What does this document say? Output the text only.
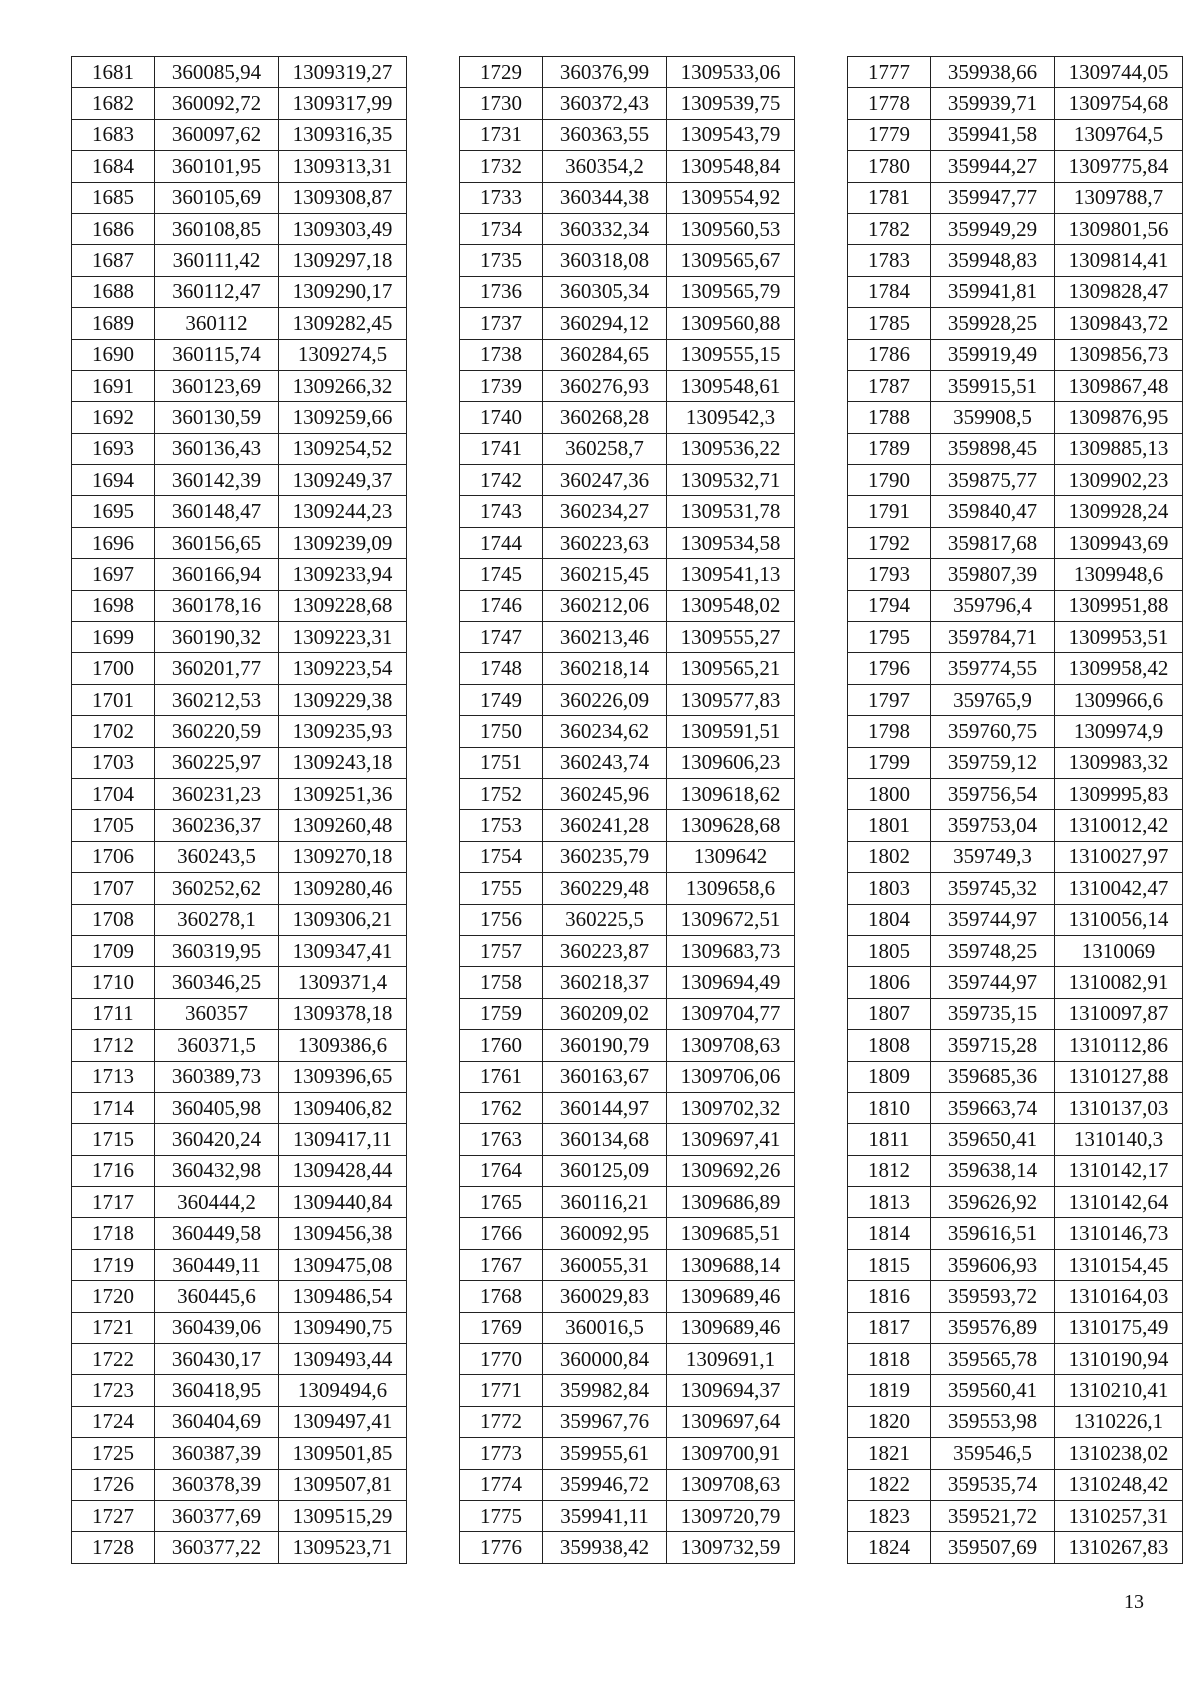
1681	360085,94	1309319,27
1682	360092,72	1309317,99
1683	360097,62	1309316,35
1684	360101,95	1309313,31
1685	360105,69	1309308,87
1686	360108,85	1309303,49
1687	360111,42	1309297,18
1688	360112,47	1309290,17
1689	360112	1309282,45
1690	360115,74	1309274,5
1691	360123,69	1309266,32
1692	360130,59	1309259,66
1693	360136,43	1309254,52
1694	360142,39	1309249,37
1695	360148,47	1309244,23
1696	360156,65	1309239,09
1697	360166,94	1309233,94
1698	360178,16	1309228,68
1699	360190,32	1309223,31
1700	360201,77	1309223,54
1701	360212,53	1309229,38
1702	360220,59	1309235,93
1703	360225,97	1309243,18
1704	360231,23	1309251,36
1705	360236,37	1309260,48
1706	360243,5	1309270,18
1707	360252,62	1309280,46
1708	360278,1	1309306,21
1709	360319,95	1309347,41
1710	360346,25	1309371,4
1711	360357	1309378,18
1712	360371,5	1309386,6
1713	360389,73	1309396,65
1714	360405,98	1309406,82
1715	360420,24	1309417,11
1716	360432,98	1309428,44
1717	360444,2	1309440,84
1718	360449,58	1309456,38
1719	360449,11	1309475,08
1720	360445,6	1309486,54
1721	360439,06	1309490,75
1722	360430,17	1309493,44
1723	360418,95	1309494,6
1724	360404,69	1309497,41
1725	360387,39	1309501,85
1726	360378,39	1309507,81
1727	360377,69	1309515,29
1728	360377,22	1309523,71
1729	360376,99	1309533,06
1730	360372,43	1309539,75
1731	360363,55	1309543,79
1732	360354,2	1309548,84
1733	360344,38	1309554,92
1734	360332,34	1309560,53
1735	360318,08	1309565,67
1736	360305,34	1309565,79
1737	360294,12	1309560,88
1738	360284,65	1309555,15
1739	360276,93	1309548,61
1740	360268,28	1309542,3
1741	360258,7	1309536,22
1742	360247,36	1309532,71
1743	360234,27	1309531,78
1744	360223,63	1309534,58
1745	360215,45	1309541,13
1746	360212,06	1309548,02
1747	360213,46	1309555,27
1748	360218,14	1309565,21
1749	360226,09	1309577,83
1750	360234,62	1309591,51
1751	360243,74	1309606,23
1752	360245,96	1309618,62
1753	360241,28	1309628,68
1754	360235,79	1309642
1755	360229,48	1309658,6
1756	360225,5	1309672,51
1757	360223,87	1309683,73
1758	360218,37	1309694,49
1759	360209,02	1309704,77
1760	360190,79	1309708,63
1761	360163,67	1309706,06
1762	360144,97	1309702,32
1763	360134,68	1309697,41
1764	360125,09	1309692,26
1765	360116,21	1309686,89
1766	360092,95	1309685,51
1767	360055,31	1309688,14
1768	360029,83	1309689,46
1769	360016,5	1309689,46
1770	360000,84	1309691,1
1771	359982,84	1309694,37
1772	359967,76	1309697,64
1773	359955,61	1309700,91
1774	359946,72	1309708,63
1775	359941,11	1309720,79
1776	359938,42	1309732,59
1777	359938,66	1309744,05
1778	359939,71	1309754,68
1779	359941,58	1309764,5
1780	359944,27	1309775,84
1781	359947,77	1309788,7
1782	359949,29	1309801,56
1783	359948,83	1309814,41
1784	359941,81	1309828,47
1785	359928,25	1309843,72
1786	359919,49	1309856,73
1787	359915,51	1309867,48
1788	359908,5	1309876,95
1789	359898,45	1309885,13
1790	359875,77	1309902,23
1791	359840,47	1309928,24
1792	359817,68	1309943,69
1793	359807,39	1309948,6
1794	359796,4	1309951,88
1795	359784,71	1309953,51
1796	359774,55	1309958,42
1797	359765,9	1309966,6
1798	359760,75	1309974,9
1799	359759,12	1309983,32
1800	359756,54	1309995,83
1801	359753,04	1310012,42
1802	359749,3	1310027,97
1803	359745,32	1310042,47
1804	359744,97	1310056,14
1805	359748,25	1310069
1806	359744,97	1310082,91
1807	359735,15	1310097,87
1808	359715,28	1310112,86
1809	359685,36	1310127,88
1810	359663,74	1310137,03
1811	359650,41	1310140,3
1812	359638,14	1310142,17
1813	359626,92	1310142,64
1814	359616,51	1310146,73
1815	359606,93	1310154,45
1816	359593,72	1310164,03
1817	359576,89	1310175,49
1818	359565,78	1310190,94
1819	359560,41	1310210,41
1820	359553,98	1310226,1
1821	359546,5	1310238,02
1822	359535,74	1310248,42
1823	359521,72	1310257,31
1824	359507,69	1310267,83
13
